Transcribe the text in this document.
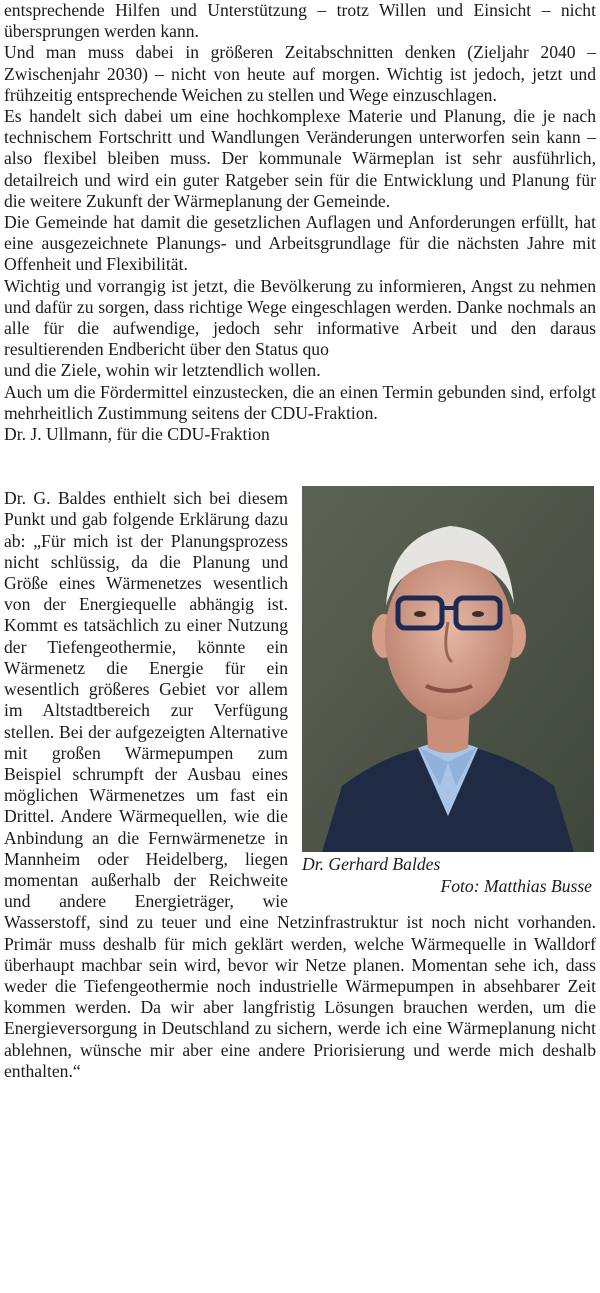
entsprechende Hilfen und Unterstützung – trotz Willen und Einsicht – nicht übersprungen werden kann.

Und man muss dabei in größeren Zeitabschnitten denken (Zieljahr 2040 – Zwischenjahr 2030) – nicht von heute auf morgen. Wichtig ist jedoch, jetzt und frühzeitig entsprechende Weichen zu stellen und Wege einzuschlagen.

Es handelt sich dabei um eine hochkomplexe Materie und Planung, die je nach technischem Fortschritt und Wandlungen Veränderungen unterworfen sein kann – also flexibel bleiben muss. Der kommunale Wärmeplan ist sehr ausführlich, detailreich und wird ein guter Ratgeber sein für die Entwicklung und Planung für die weitere Zukunft der Wärmeplanung der Gemeinde.

Die Gemeinde hat damit die gesetzlichen Auflagen und Anforderungen erfüllt, hat eine ausgezeichnete Planungs- und Arbeitsgrundlage für die nächsten Jahre mit Offenheit und Flexibilität.

Wichtig und vorrangig ist jetzt, die Bevölkerung zu informieren, Angst zu nehmen und dafür zu sorgen, dass richtige Wege eingeschlagen werden. Danke nochmals an alle für die aufwendige, jedoch sehr informative Arbeit und den daraus resultierenden Endbericht über den Status quo

und die Ziele, wohin wir letztendlich wollen.

Auch um die Fördermittel einzustecken, die an einen Termin gebunden sind, erfolgt mehrheitlich Zustimmung seitens der CDU-Fraktion.

Dr. J. Ullmann, für die CDU-Fraktion

Dr. Gerhard Baldes
Foto: Matthias Busse

Dr. G. Baldes enthielt sich bei diesem Punkt und gab folgende Erklärung dazu ab: „Für mich ist der Planungsprozess nicht schlüssig, da die Planung und Größe eines Wärmenetzes wesentlich von der Energiequelle abhängig ist. Kommt es tatsächlich zu einer Nutzung der Tiefengeothermie, könnte ein Wärmenetz die Energie für ein wesentlich größeres Gebiet vor allem im Altstadtbereich zur Verfügung stellen. Bei der aufgezeigten Alternative mit großen Wärmepumpen zum Beispiel schrumpft der Ausbau eines möglichen Wärmenetzes um fast ein Drittel. Andere Wärmequellen, wie die Anbindung an die Fernwärmenetze in Mannheim oder Heidelberg, liegen momentan außerhalb der Reichweite und andere Energieträger, wie Wasserstoff, sind zu teuer und eine Netzinfrastruktur ist noch nicht vorhanden. Primär muss deshalb für mich geklärt werden, welche Wärmequelle in Walldorf überhaupt machbar sein wird, bevor wir Netze planen. Momentan sehe ich, dass weder die Tiefengeothermie noch industrielle Wärmepumpen in absehbarer Zeit kommen werden. Da wir aber langfristig Lösungen brauchen werden, um die Energieversorgung in Deutschland zu sichern, werde ich eine Wärmeplanung nicht ablehnen, wünsche mir aber eine andere Priorisierung und werde mich deshalb enthalten.“
